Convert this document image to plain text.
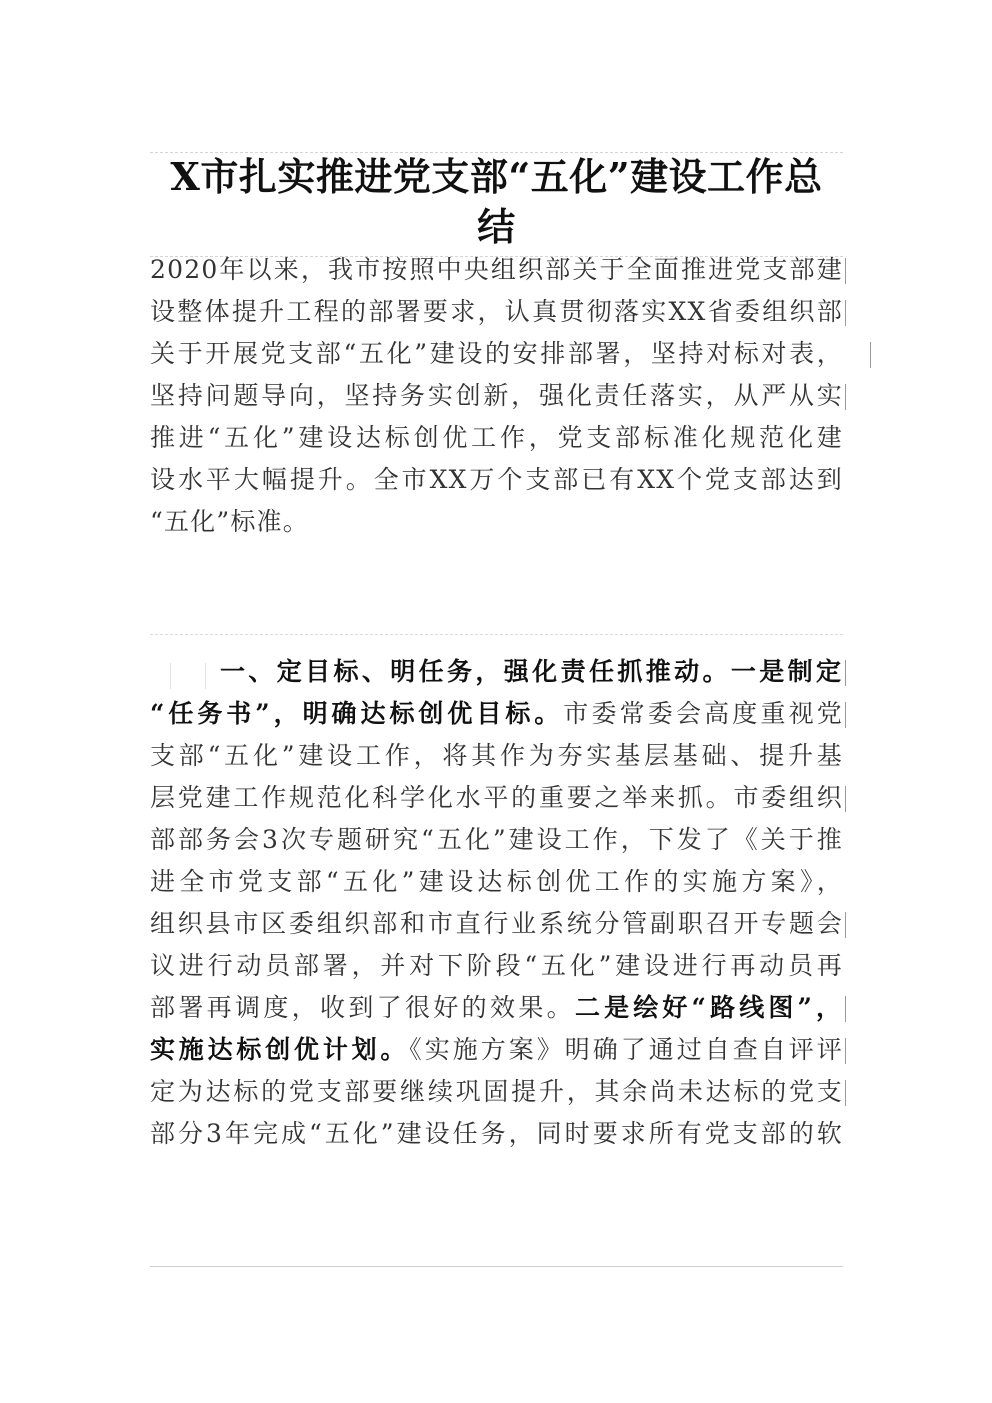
X市扎实推进党支部“五化”建设工作总
结
2020年以来，我市按照中央组织部关于全面推进党支部建
设整体提升工程的部署要求，认真贯彻落实XX省委组织部
关于开展党支部“五化”建设的安排部署，坚持对标对表，
坚持问题导向，坚持务实创新，强化责任落实，从严从实
推进“五化”建设达标创优工作，党支部标准化规范化建
设水平大幅提升。全市XX万个支部已有XX个党支部达到
“五化”标准。
一、定目标、明任务，强化责任抓推动。一是制定
“任务书”，明确达标创优目标。市委常委会高度重视党
支部“五化”建设工作，将其作为夯实基层基础、提升基
层党建工作规范化科学化水平的重要之举来抓。市委组织
部部务会3次专题研究“五化”建设工作，下发了《关于推
进全市党支部“五化”建设达标创优工作的实施方案》，
组织县市区委组织部和市直行业系统分管副职召开专题会
议进行动员部署，并对下阶段“五化”建设进行再动员再
部署再调度，收到了很好的效果。二是绘好“路线图”，
实施达标创优计划。《实施方案》明确了通过自查自评评
定为达标的党支部要继续巩固提升，其余尚未达标的党支
部分3年完成“五化”建设任务，同时要求所有党支部的软
